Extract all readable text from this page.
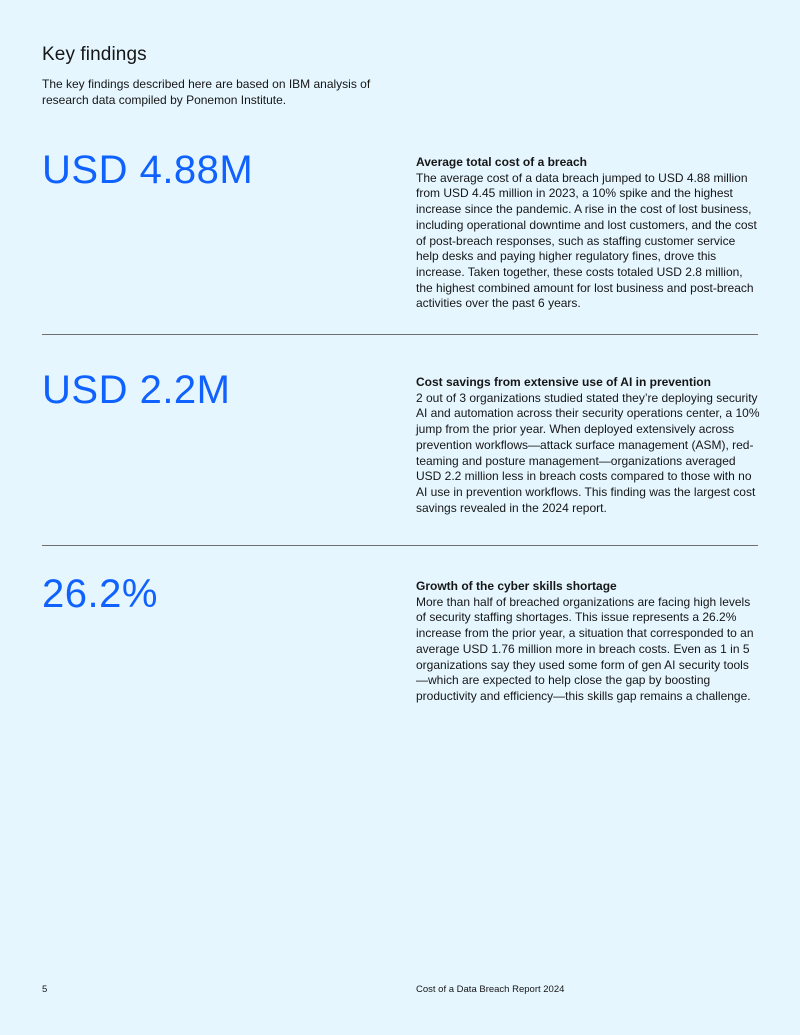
Key findings

The key findings described here are based on IBM analysis of research data compiled by Ponemon Institute.

USD 4.88M	Average total cost of a breach
The average cost of a data breach jumped to USD 4.88 million from USD 4.45 million in 2023, a 10% spike and the highest increase since the pandemic. A rise in the cost of lost business, including operational downtime and lost customers, and the cost of post-breach responses, such as staffing customer service help desks and paying higher regulatory fines, drove this increase. Taken together, these costs totaled USD 2.8 million, the highest combined amount for lost business and post-breach activities over the past 6 years.
USD 2.2M	Cost savings from extensive use of AI in prevention
2 out of 3 organizations studied stated they’re deploying security AI and automation across their security operations center, a 10% jump from the prior year. When deployed extensively across prevention workflows—attack surface management (ASM), red-teaming and posture management—organizations averaged USD 2.2 million less in breach costs compared to those with no AI use in prevention workflows. This finding was the largest cost savings revealed in the 2024 report.
26.2%	Growth of the cyber skills shortage
More than half of breached organizations are facing high levels of security staffing shortages. This issue represents a 26.2% increase from the prior year, a situation that corresponded to an average USD 1.76 million more in breach costs. Even as 1 in 5 organizations say they used some form of gen AI security tools—which are expected to help close the gap by boosting productivity and efficiency—this skills gap remains a challenge.
5	Cost of a Data Breach Report 2024
